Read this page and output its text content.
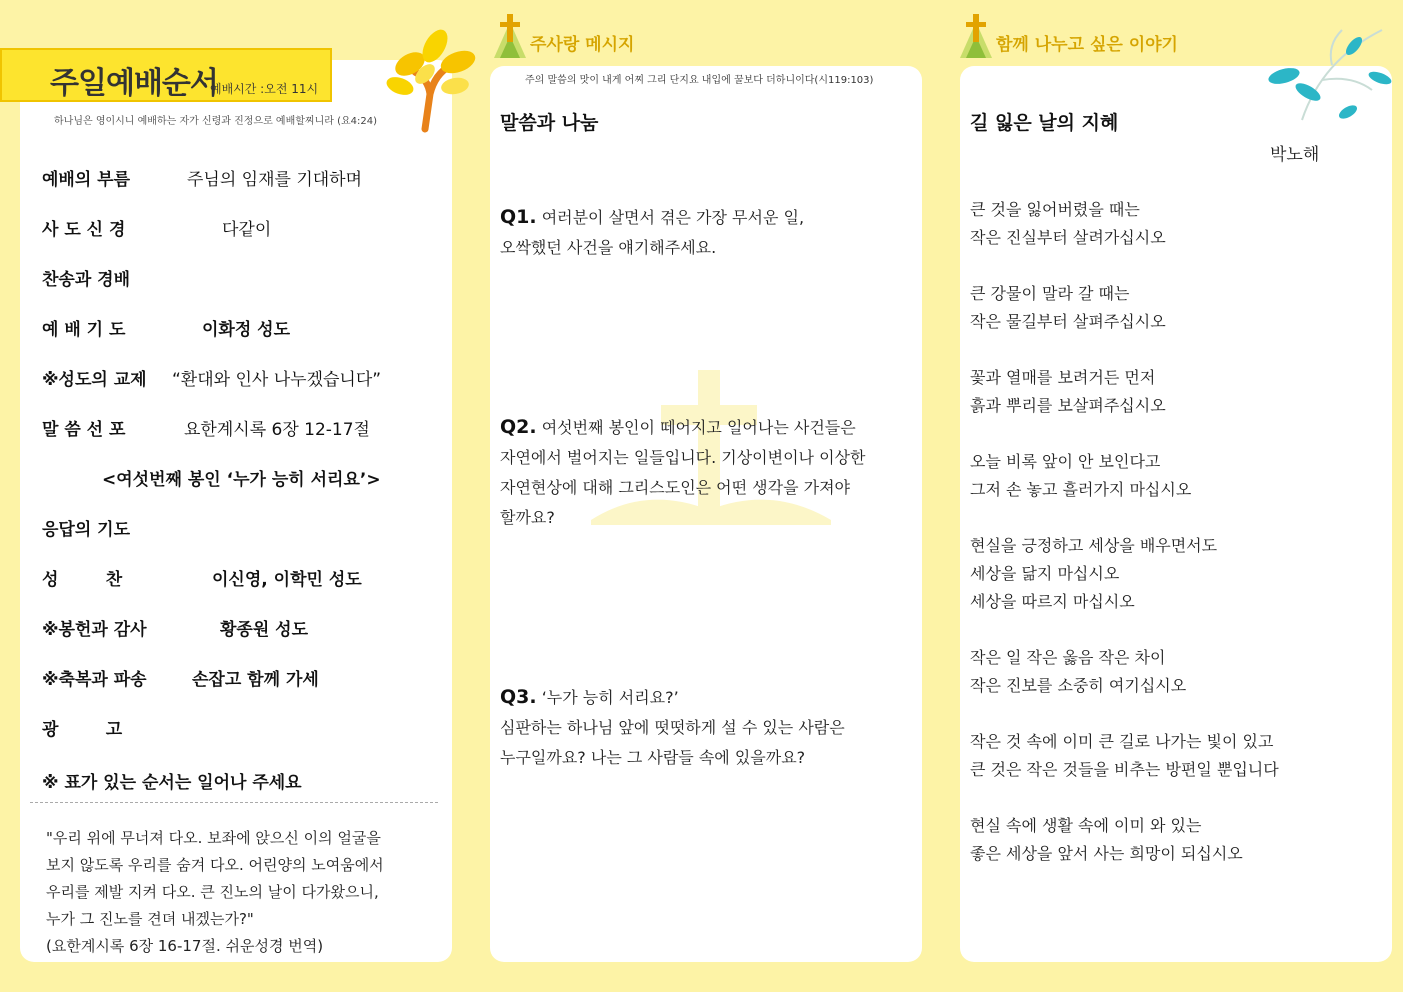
주일예배순서
예배시간 :오전 11시
하나님은 영이시니 예배하는 자가 신령과 진정으로 예배할찌니라 (요4:24)
예배의 부름	주님의 임재를 기대하며
사 도 신 경	다같이
찬송과 경배
예 배 기 도	이화정 성도
※성도의 교제 “환대와 인사 나누겠습니다”
말 씀 선 포	요한계시록 6장 12-17절
<여섯번째 봉인 ‘누가 능히 서리요’>
응답의 기도
성        찬	이신영, 이학민 성도
※봉헌과 감사	황종원 성도
※축복과 파송	손잡고 함께 가세
광        고
※ 표가 있는 순서는 일어나 주세요
"우리 위에 무너져 다오. 보좌에 앉으신 이의 얼굴을
보지 않도록 우리를 숨겨 다오. 어린양의 노여움에서
우리를 제발 지켜 다오. 큰 진노의 날이 다가왔으니,
누가 그 진노를 견뎌 내겠는가?"
(요한계시록 6장 16-17절. 쉬운성경 번역)
주사랑 메시지
주의 말씀의 맛이 내게 어찌 그리 단지요 내입에 꿀보다 더하니이다(시119:103)
말씀과 나눔
Q1. 여러분이 살면서 겪은 가장 무서운 일,
오싹했던 사건을 얘기해주세요.
Q2. 여섯번째 봉인이 떼어지고 일어나는 사건들은
자연에서 벌어지는 일들입니다. 기상이변이나 이상한
자연현상에 대해 그리스도인은 어떤 생각을 가져야
할까요?
Q3. ‘누가 능히 서리요?’
심판하는 하나님 앞에 떳떳하게 설 수 있는 사람은
누구일까요? 나는 그 사람들 속에 있을까요?
함께 나누고 싶은 이야기
길 잃은 날의 지혜
박노해
큰 것을 잃어버렸을 때는
작은 진실부터 살려가십시오
큰 강물이 말라 갈 때는
작은 물길부터 살펴주십시오
꽃과 열매를 보려거든 먼저
흙과 뿌리를 보살펴주십시오
오늘 비록 앞이 안 보인다고
그저 손 놓고 흘러가지 마십시오
현실을 긍정하고 세상을 배우면서도
세상을 닮지 마십시오
세상을 따르지 마십시오
작은 일 작은 옳음 작은 차이
작은 진보를 소중히 여기십시오
작은 것 속에 이미 큰 길로 나가는 빛이 있고
큰 것은 작은 것들을 비추는 방편일 뿐입니다
현실 속에 생활 속에 이미 와 있는
좋은 세상을 앞서 사는 희망이 되십시오
